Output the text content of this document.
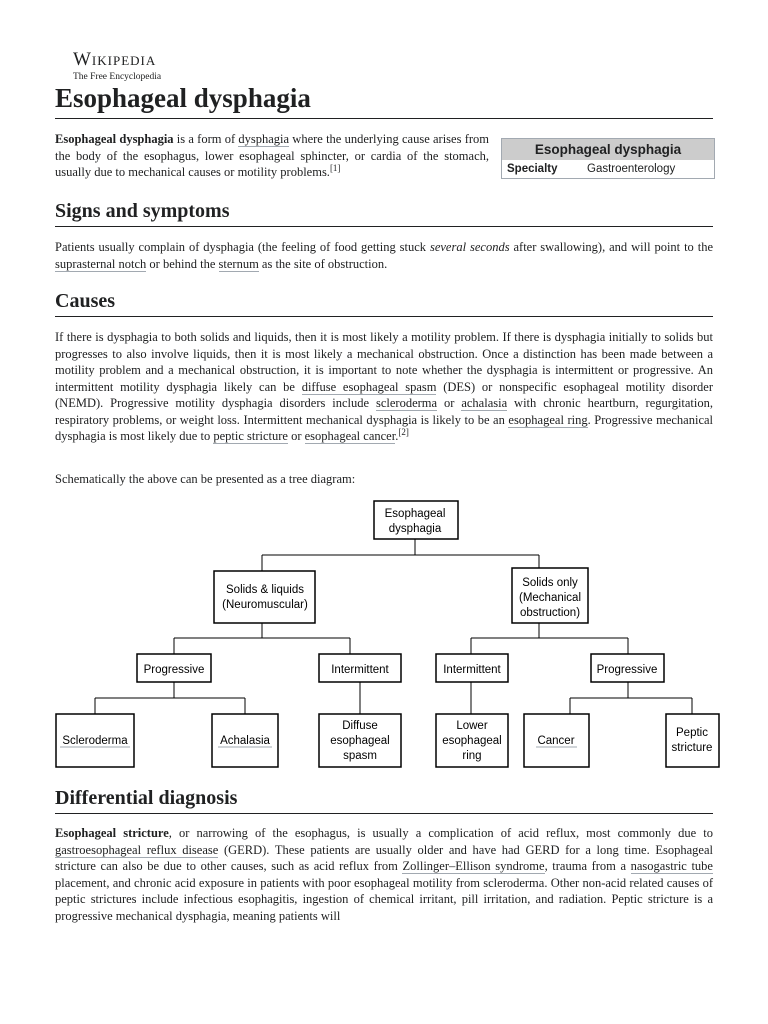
Wikipedia
The Free Encyclopedia
Esophageal dysphagia
Esophageal dysphagia
Specialty	Gastroenterology

Esophageal dysphagia is a form of dysphagia where the underlying cause arises from the body of the esophagus, lower esophageal sphincter, or cardia of the stomach, usually due to mechanical causes or motility problems.[1]

Signs and symptoms

Patients usually complain of dysphagia (the feeling of food getting stuck several seconds after swallowing), and will point to the suprasternal notch or behind the sternum as the site of obstruction.

Causes

If there is dysphagia to both solids and liquids, then it is most likely a motility problem. If there is dysphagia initially to solids but progresses to also involve liquids, then it is most likely a mechanical obstruction. Once a distinction has been made between a motility problem and a mechanical obstruction, it is important to note whether the dysphagia is intermittent or progressive. An intermittent motility dysphagia likely can be diffuse esophageal spasm (DES) or nonspecific esophageal motility disorder (NEMD). Progressive motility dysphagia disorders include scleroderma or achalasia with chronic heartburn, regurgitation, respiratory problems, or weight loss. Intermittent mechanical dysphagia is likely to be an esophageal ring. Progressive mechanical dysphagia is most likely due to peptic stricture or esophageal cancer.[2]

Schematically the above can be presented as a tree diagram:

Esophageal dysphagia
Solids & liquids (Neuromuscular)
Solids only (Mechanical obstruction)
Progressive	Intermittent	Intermittent	Progressive
Scleroderma	Achalasia
Diffuse esophageal spasm
Lower esophageal ring
Cancer
Peptic stricture
Differential diagnosis

Esophageal stricture, or narrowing of the esophagus, is usually a complication of acid reflux, most commonly due to gastroesophageal reflux disease (GERD). These patients are usually older and have had GERD for a long time. Esophageal stricture can also be due to other causes, such as acid reflux from Zollinger–Ellison syndrome, trauma from a nasogastric tube placement, and chronic acid exposure in patients with poor esophageal motility from scleroderma. Other non-acid related causes of peptic strictures include infectious esophagitis, ingestion of chemical irritant, pill irritation, and radiation. Peptic stricture is a progressive mechanical dysphagia, meaning patients will
